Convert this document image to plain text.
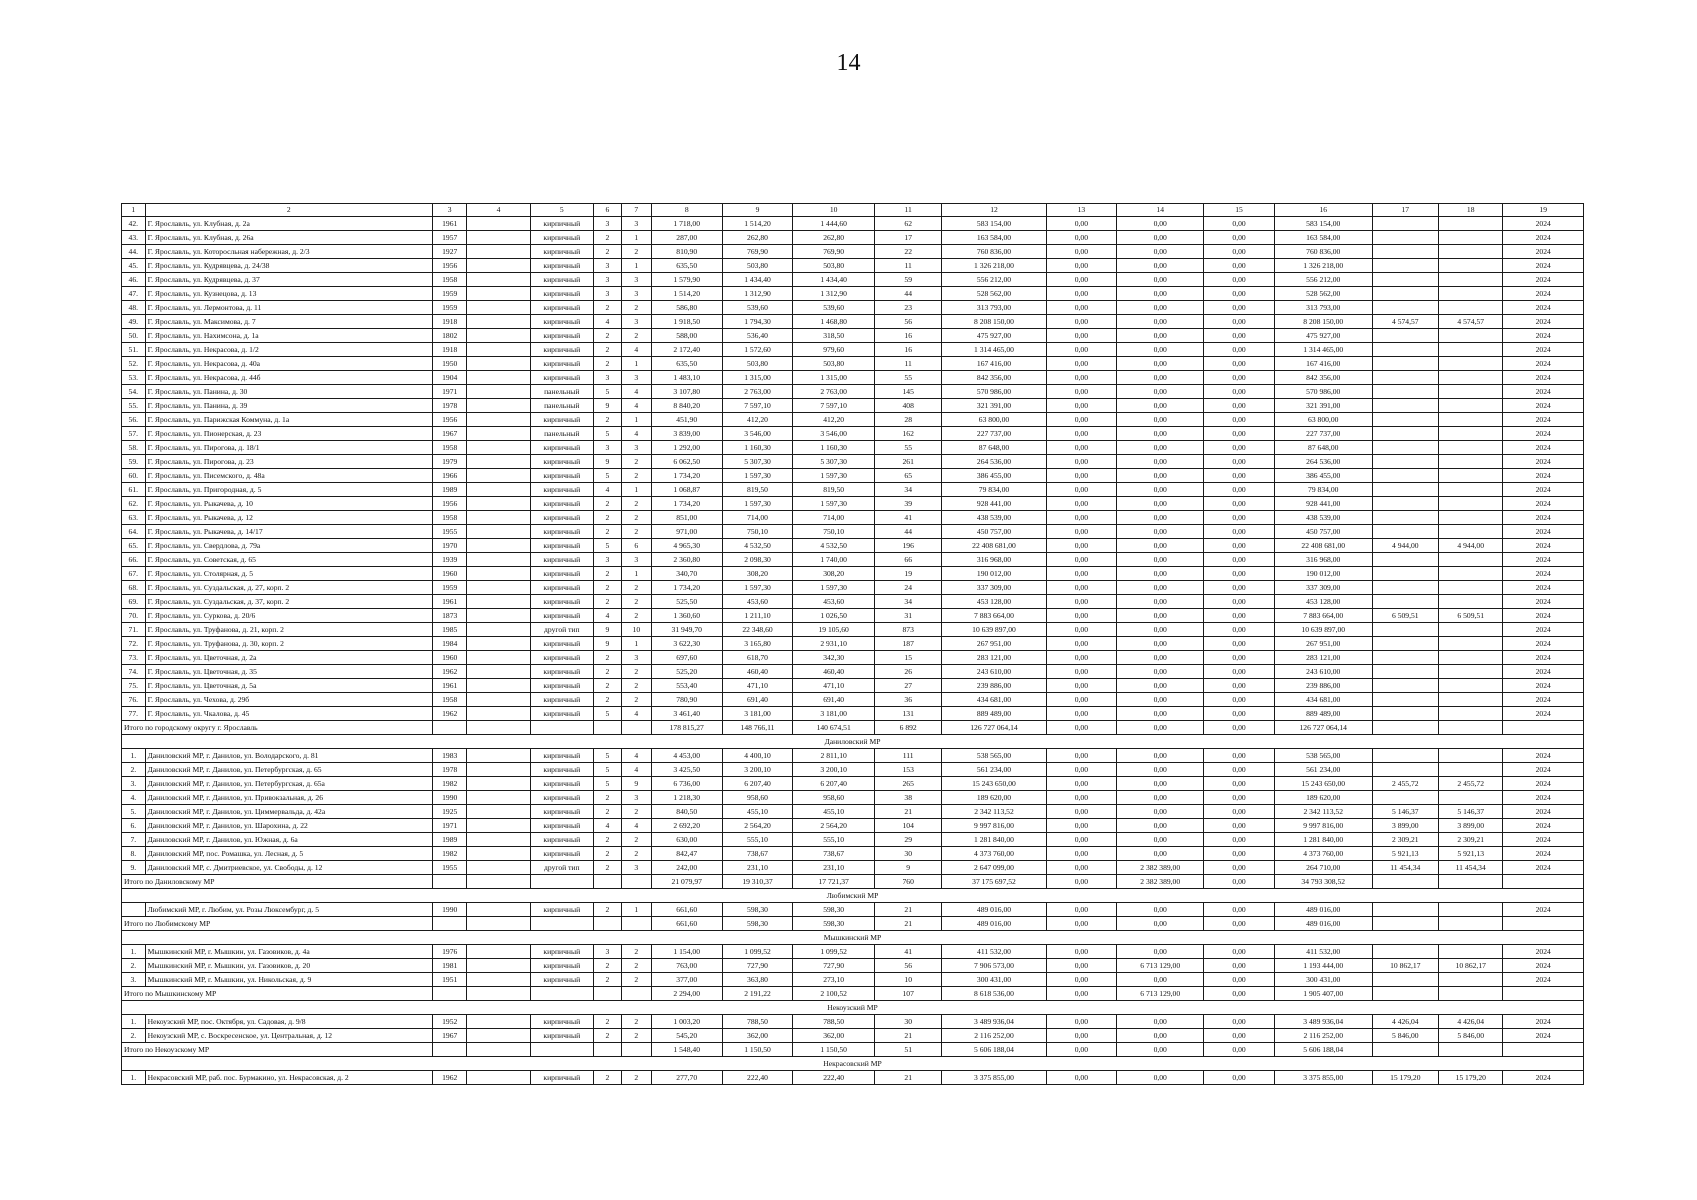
14
1	2	3	4	5	6	7	8	9	10	11	12	13	14	15	16	17	18	19
42.	Г. Ярославль, ул. Клубная, д. 2а	1961		кирпичный	3	3	1 718,00	1 514,20	1 444,60	62	583 154,00	0,00	0,00	0,00	583 154,00			2024
43.	Г. Ярославль, ул. Клубная, д. 26а	1957		кирпичный	2	1	287,00	262,80	262,80	17	163 584,00	0,00	0,00	0,00	163 584,00			2024
44.	Г. Ярославль, ул. Которосльная набережная, д. 2/3	1927		кирпичный	2	2	810,90	769,90	769,90	22	760 836,00	0,00	0,00	0,00	760 836,00			2024
45.	Г. Ярославль, ул. Кудрявцева, д. 24/38	1956		кирпичный	3	1	635,50	503,80	503,80	11	1 326 218,00	0,00	0,00	0,00	1 326 218,00			2024
46.	Г. Ярославль, ул. Кудрявцева, д. 37	1958		кирпичный	3	3	1 579,90	1 434,40	1 434,40	59	556 212,00	0,00	0,00	0,00	556 212,00			2024
47.	Г. Ярославль, ул. Кузнецова, д. 13	1959		кирпичный	3	3	1 514,20	1 312,90	1 312,90	44	528 562,00	0,00	0,00	0,00	528 562,00			2024
48.	Г. Ярославль, ул. Лермонтова, д. 11	1959		кирпичный	2	2	586,80	539,60	539,60	23	313 793,00	0,00	0,00	0,00	313 793,00			2024
49.	Г. Ярославль, ул. Максимова, д. 7	1918		кирпичный	4	3	1 918,50	1 794,30	1 468,80	56	8 208 150,00	0,00	0,00	0,00	8 208 150,00	4 574,57	4 574,57	2024
50.	Г. Ярославль, ул. Нахимсона, д. 1а	1802		кирпичный	2	2	588,00	536,40	318,50	16	475 927,00	0,00	0,00	0,00	475 927,00			2024
51.	Г. Ярославль, ул. Некрасова, д. 1/2	1918		кирпичный	2	4	2 172,40	1 572,60	979,60	16	1 314 465,00	0,00	0,00	0,00	1 314 465,00			2024
52.	Г. Ярославль, ул. Некрасова, д. 40а	1950		кирпичный	2	1	635,50	503,80	503,80	11	167 416,00	0,00	0,00	0,00	167 416,00			2024
53.	Г. Ярославль, ул. Некрасова, д. 44б	1904		кирпичный	3	3	1 483,10	1 315,00	1 315,00	55	842 356,00	0,00	0,00	0,00	842 356,00			2024
54.	Г. Ярославль, ул. Панина, д. 30	1971		панельный	5	4	3 107,80	2 763,00	2 763,00	145	570 986,00	0,00	0,00	0,00	570 986,00			2024
55.	Г. Ярославль, ул. Панина, д. 39	1978		панельный	9	4	8 840,20	7 597,10	7 597,10	408	321 391,00	0,00	0,00	0,00	321 391,00			2024
56.	Г. Ярославль, ул. Парижская Коммуна, д. 1а	1956		кирпичный	2	1	451,90	412,20	412,20	28	63 800,00	0,00	0,00	0,00	63 800,00			2024
57.	Г. Ярославль, ул. Пионерская, д. 23	1967		панельный	5	4	3 839,00	3 546,00	3 546,00	162	227 737,00	0,00	0,00	0,00	227 737,00			2024
58.	Г. Ярославль, ул. Пирогова, д. 18/1	1958		кирпичный	3	3	1 292,00	1 160,30	1 160,30	55	87 648,00	0,00	0,00	0,00	87 648,00			2024
59.	Г. Ярославль, ул. Пирогова, д. 23	1979		кирпичный	9	2	6 062,50	5 307,30	5 307,30	261	264 536,00	0,00	0,00	0,00	264 536,00			2024
60.	Г. Ярославль, ул. Писемского, д. 48а	1966		кирпичный	5	2	1 734,20	1 597,30	1 597,30	65	386 455,00	0,00	0,00	0,00	386 455,00			2024
61.	Г. Ярославль, ул. Пригородная, д. 5	1989		кирпичный	4	1	1 068,87	819,50	819,50	34	79 834,00	0,00	0,00	0,00	79 834,00			2024
62.	Г. Ярославль, ул. Рыкачева, д. 10	1956		кирпичный	2	2	1 734,20	1 597,30	1 597,30	39	928 441,00	0,00	0,00	0,00	928 441,00			2024
63.	Г. Ярославль, ул. Рыкачева, д. 12	1958		кирпичный	2	2	851,00	714,00	714,00	41	438 539,00	0,00	0,00	0,00	438 539,00			2024
64.	Г. Ярославль, ул. Рыкачева, д. 14/17	1955		кирпичный	2	2	971,00	750,10	750,10	44	450 757,00	0,00	0,00	0,00	450 757,00			2024
65.	Г. Ярославль, ул. Свердлова, д. 79а	1970		кирпичный	5	6	4 965,30	4 532,50	4 532,50	196	22 408 681,00	0,00	0,00	0,00	22 408 681,00	4 944,00	4 944,00	2024
66.	Г. Ярославль, ул. Советская, д. 65	1939		кирпичный	3	3	2 360,80	2 098,30	1 740,00	66	316 968,00	0,00	0,00	0,00	316 968,00			2024
67.	Г. Ярославль, ул. Столярная, д. 5	1960		кирпичный	2	1	340,70	308,20	308,20	19	190 012,00	0,00	0,00	0,00	190 012,00			2024
68.	Г. Ярославль, ул. Суздальская, д. 27, корп. 2	1959		кирпичный	2	2	1 734,20	1 597,30	1 597,30	24	337 309,00	0,00	0,00	0,00	337 309,00			2024
69.	Г. Ярославль, ул. Суздальская, д. 37, корп. 2	1961		кирпичный	2	2	525,50	453,60	453,60	34	453 128,00	0,00	0,00	0,00	453 128,00			2024
70.	Г. Ярославль, ул. Суркова, д. 20/6	1873		кирпичный	4	2	1 360,60	1 211,10	1 026,50	31	7 883 664,00	0,00	0,00	0,00	7 883 664,00	6 509,51	6 509,51	2024
71.	Г. Ярославль, ул. Труфанова, д. 21, корп. 2	1985		другой тип	9	10	31 949,70	22 348,60	19 105,60	873	10 639 897,00	0,00	0,00	0,00	10 639 897,00			2024
72.	Г. Ярославль, ул. Труфанова, д. 30, корп. 2	1984		кирпичный	9	1	3 622,30	3 165,80	2 931,10	187	267 951,00	0,00	0,00	0,00	267 951,00			2024
73.	Г. Ярославль, ул. Цветочная, д. 2а	1960		кирпичный	2	3	697,60	618,70	342,30	15	283 121,00	0,00	0,00	0,00	283 121,00			2024
74.	Г. Ярославль, ул. Цветочная, д. 35	1962		кирпичный	2	2	525,20	460,40	460,40	26	243 610,00	0,00	0,00	0,00	243 610,00			2024
75.	Г. Ярославль, ул. Цветочная, д. 5а	1961		кирпичный	2	2	553,40	471,10	471,10	27	239 886,00	0,00	0,00	0,00	239 886,00			2024
76.	Г. Ярославль, ул. Чехова, д. 29б	1958		кирпичный	2	2	780,90	691,40	691,40	36	434 681,00	0,00	0,00	0,00	434 681,00			2024
77.	Г. Ярославль, ул. Чкалова, д. 45	1962		кирпичный	5	4	3 461,40	3 181,00	3 181,00	131	889 489,00	0,00	0,00	0,00	889 489,00			2024
Итого по городскому округу г. Ярославль							178 815,27	148 766,11	140 674,51	6 892	126 727 064,14	0,00	0,00	0,00	126 727 064,14			
Даниловский МР																		
1.	Даниловский МР, г. Данилов, ул. Володарского, д. 81	1983		кирпичный	5	4	4 453,00	4 400,10	2 811,10	111	538 565,00	0,00	0,00	0,00	538 565,00			2024
2.	Даниловский МР, г. Данилов, ул. Петербургская, д. 65	1978		кирпичный	5	4	3 425,50	3 200,10	3 200,10	153	561 234,00	0,00	0,00	0,00	561 234,00			2024
3.	Даниловский МР, г. Данилов, ул. Петербургская, д. 65а	1982		кирпичный	5	9	6 736,00	6 207,40	6 207,40	265	15 243 650,00	0,00	0,00	0,00	15 243 650,00	2 455,72	2 455,72	2024
4.	Даниловский МР, г. Данилов, ул. Привокзальная, д. 26	1990		кирпичный	2	3	1 218,30	958,60	958,60	38	189 620,00	0,00	0,00	0,00	189 620,00			2024
5.	Даниловский МР, г. Данилов, ул. Циммервальда, д. 42а	1925		кирпичный	2	2	840,50	455,10	455,10	21	2 342 113,52	0,00	0,00	0,00	2 342 113,52	5 146,37	5 146,37	2024
6.	Даниловский МР, г. Данилов, ул. Шарохина, д. 22	1971		кирпичный	4	4	2 692,20	2 564,20	2 564,20	104	9 997 816,00	0,00	0,00	0,00	9 997 816,00	3 899,00	3 899,00	2024
7.	Даниловский МР, г. Данилов, ул. Южная, д. 6а	1989		кирпичный	2	2	630,00	555,10	555,10	29	1 281 840,00	0,00	0,00	0,00	1 281 840,00	2 309,21	2 309,21	2024
8.	Даниловский МР, пос. Ромашка, ул. Лесная, д. 5	1982		кирпичный	2	2	842,47	738,67	738,67	30	4 373 760,00	0,00	0,00	0,00	4 373 760,00	5 921,13	5 921,13	2024
9.	Даниловский МР, с. Дмитриевское, ул. Свободы, д. 12	1955		другой тип	2	3	242,00	231,10	231,10	9	2 647 099,00	0,00	2 382 389,00	0,00	264 710,00	11 454,34	11 454,34	2024
Итого по Даниловскому МР							21 079,97	19 310,37	17 721,37	760	37 175 697,52	0,00	2 382 389,00	0,00	34 793 308,52			
Любимский МР																		
	Любимский МР, г. Любим, ул. Розы Люксембург, д. 5	1990		кирпичный	2	1	661,60	598,30	598,30	21	489 016,00	0,00	0,00	0,00	489 016,00			2024
Итого по Любимскому МР							661,60	598,30	598,30	21	489 016,00	0,00	0,00	0,00	489 016,00			
Мышкинский МР																		
1.	Мышкинский МР, г. Мышкин, ул. Газовиков, д. 4а	1976		кирпичный	3	2	1 154,00	1 099,52	1 099,52	41	411 532,00	0,00	0,00	0,00	411 532,00			2024
2.	Мышкинский МР, г. Мышкин, ул. Газовиков, д. 20	1981		кирпичный	2	2	763,00	727,90	727,90	56	7 906 573,00	0,00	6 713 129,00	0,00	1 193 444,00	10 862,17	10 862,17	2024
3.	Мышкинский МР, г. Мышкин, ул. Никольская, д. 9	1951		кирпичный	2	2	377,00	363,80	273,10	10	300 431,00	0,00	0,00	0,00	300 431,00			2024
Итого по Мышкинскому МР							2 294,00	2 191,22	2 100,52	107	8 618 536,00	0,00	6 713 129,00	0,00	1 905 407,00			
Некоузский МР																		
1.	Некоузский МР, пос. Октября, ул. Садовая, д. 9/8	1952		кирпичный	2	2	1 003,20	788,50	788,50	30	3 489 936,04	0,00	0,00	0,00	3 489 936,04	4 426,04	4 426,04	2024
2.	Некоузский МР, с. Воскресенское, ул. Центральная, д. 12	1967		кирпичный	2	2	545,20	362,00	362,00	21	2 116 252,00	0,00	0,00	0,00	2 116 252,00	5 846,00	5 846,00	2024
Итого по Некоузскому МР							1 548,40	1 150,50	1 150,50	51	5 606 188,04	0,00	0,00	0,00	5 606 188,04			
Некрасовский МР																		
1.	Некрасовский МР, раб. пос. Бурмакино, ул. Некрасовская, д. 2	1962		кирпичный	2	2	277,70	222,40	222,40	21	3 375 855,00	0,00	0,00	0,00	3 375 855,00	15 179,20	15 179,20	2024
